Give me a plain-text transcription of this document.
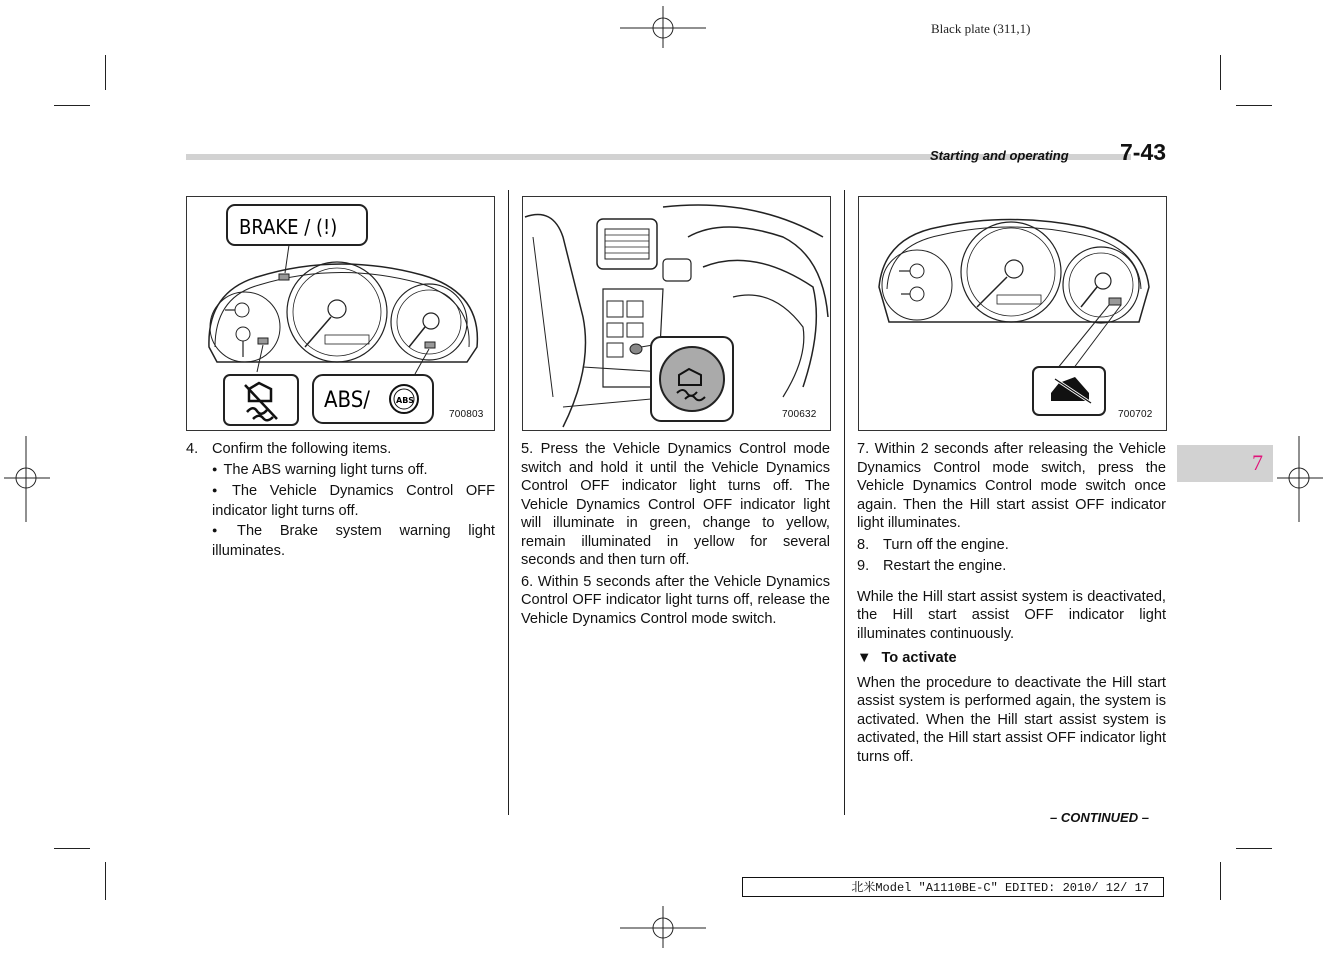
Black plate (311,1)
Starting and operating 7-43
BRAKE / (!)
ABS/	ABS
700803	700632	700702
4. Confirm the following items.

● The ABS warning light turns off.

● The Vehicle Dynamics Control OFF indicator light turns off.

● The Brake system warning light illuminates.

5. Press the Vehicle Dynamics Control mode switch and hold it until the Vehicle Dynamics Control OFF indicator light turns off. The Vehicle Dynamics Control OFF indicator light will illuminate in green, change to yellow, remain illuminated in yellow for several seconds and then turn off.

6. Within 5 seconds after the Vehicle Dynamics Control OFF indicator light turns off, release the Vehicle Dynamics Control mode switch.

7. Within 2 seconds after releasing the Vehicle Dynamics Control mode switch, press the Vehicle Dynamics Control mode switch once again. Then the Hill start assist OFF indicator light illuminates.

8. Turn off the engine.
9. Restart the engine.

While the Hill start assist system is deactivated, the Hill start assist OFF indicator light illuminates continuously.

▼ To activate

When the procedure to deactivate the Hill start assist system is performed again, the system is activated. When the Hill start assist system is activated, the Hill start assist OFF indicator light turns off.

7
– CONTINUED –
北米Model "A1110BE-C" EDITED: 2010/ 12/ 17
